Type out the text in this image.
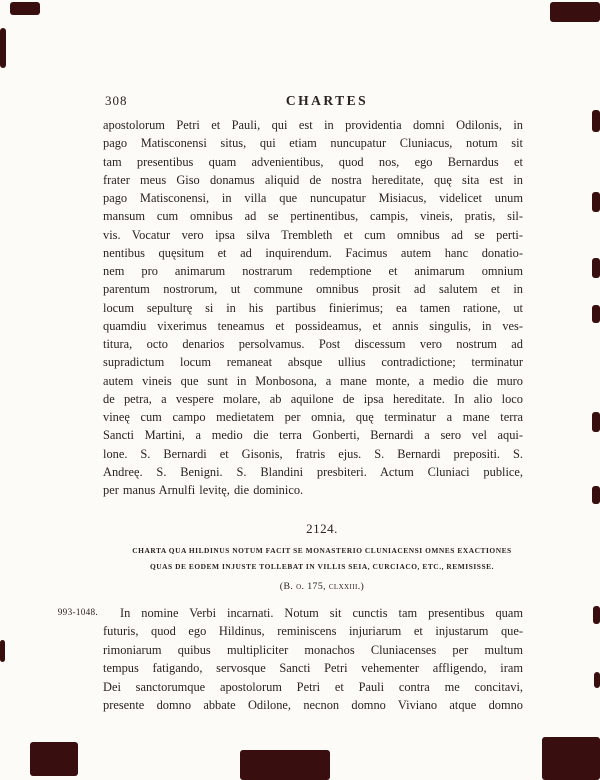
308	CHARTES
apostolorum Petri et Pauli, qui est in providentia domni Odilonis, in
pago Matisconensi situs, qui etiam nuncupatur Cluniacus, notum sit
tam presentibus quam advenientibus, quod nos, ego Bernardus et
frater meus Giso donamus aliquid de nostra hereditate, quę sita est in
pago Matisconensi, in villa que nuncupatur Misiacus, videlicet unum
mansum cum omnibus ad se pertinentibus, campis, vineis, pratis, sil-
vis. Vocatur vero ipsa silva Trembleth et cum omnibus ad se perti-
nentibus quęsitum et ad inquirendum. Facimus autem hanc donatio-
nem pro animarum nostrarum redemptione et animarum omnium
parentum nostrorum, ut commune omnibus prosit ad salutem et in
locum sepulturę si in his partibus finierimus; ea tamen ratione, ut
quamdiu vixerimus teneamus et possideamus, et annis singulis, in ves-
titura, octo denarios persolvamus. Post discessum vero nostrum ad
supradictum locum remaneat absque ullius contradictione; terminatur
autem vineis que sunt in Monbosona, a mane monte, a medio die muro
de petra, a vespere molare, ab aquilone de ipsa hereditate. In alio loco
vineę cum campo medietatem per omnia, quę terminatur a mane terra
Sancti Martini, a medio die terra Gonberti, Bernardi a sero vel aqui-
lone. S. Bernardi et Gisonis, fratris ejus. S. Bernardi prepositi. S.
Andreę. S. Benigni. S. Blandini presbiteri. Actum Cluniaci publice,
per manus Arnulfi levitę, die dominico.
2124.
CHARTA QUA HILDINUS NOTUM FACIT SE MONASTERIO CLUNIACENSI OMNES EXACTIONES
QUAS DE EODEM INJUSTE TOLLEBAT IN VILLIS SEIA, CURCIACO, ETC., REMISISSE.
(B. o. 175, clxxiii.)
993-1048.	In nomine Verbi incarnati. Notum sit cunctis tam presentibus quam
futuris, quod ego Hildinus, reminiscens injuriarum et injustarum que-
rimoniarum quibus multipliciter monachos Cluniacenses per multum
tempus fatigando, servosque Sancti Petri vehementer affligendo, iram
Dei sanctorumque apostolorum Petri et Pauli contra me concitavi,
presente domno abbate Odilone, necnon domno Viviano atque domno
